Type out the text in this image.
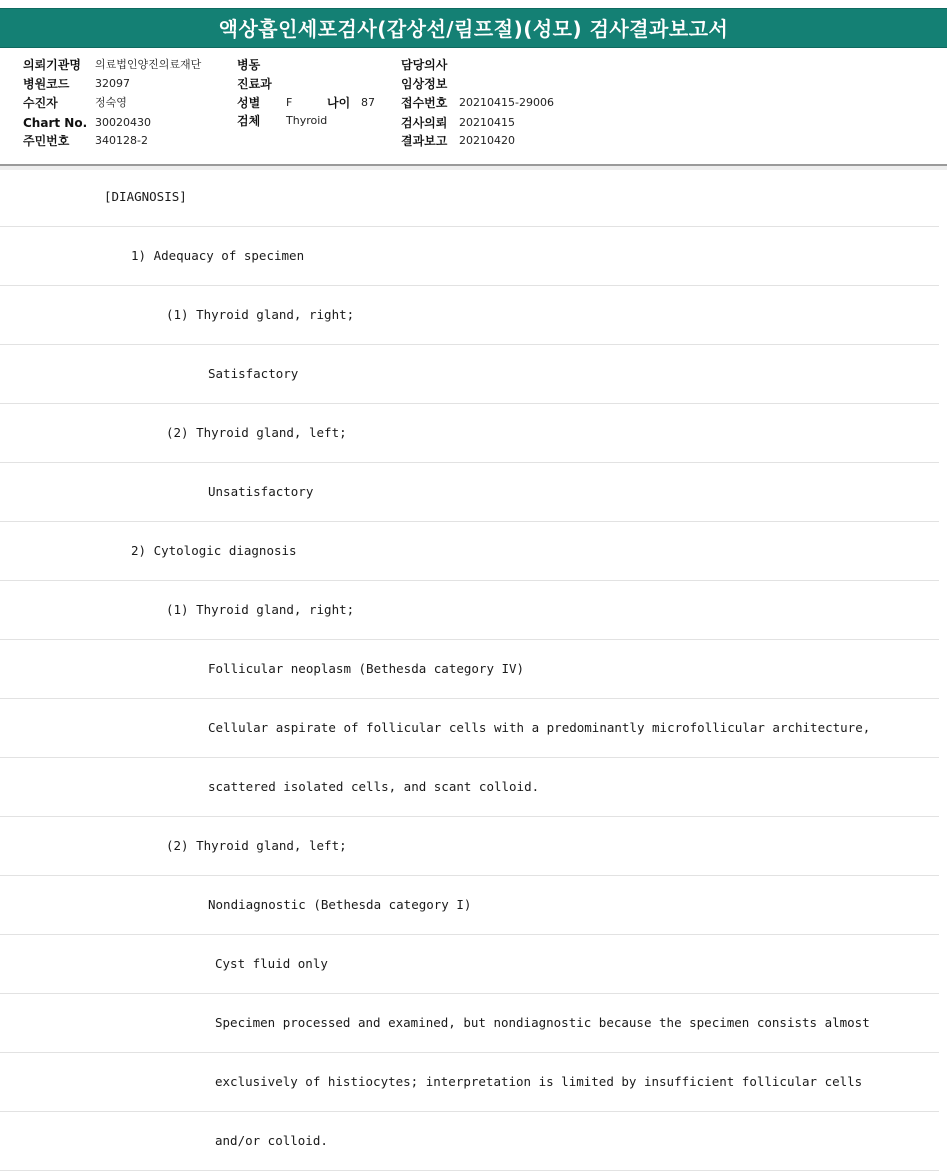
액상흡인세포검사(갑상선/림프절)(성모) 검사결과보고서
의뢰기관명 의료법인양진의료재단
병원코드 32097
수진자	정숙영
Chart No. 30020430
주민번호 340128-2
병동
진료과
성별 F	나이 87
검체 Thyroid
담당의사
임상정보
접수번호 20210415-29006
검사의뢰 20210415
결과보고 20210420
[DIAGNOSIS]
1) Adequacy of specimen
(1) Thyroid gland, right;
Satisfactory
(2) Thyroid gland, left;
Unsatisfactory
2) Cytologic diagnosis
(1) Thyroid gland, right;
Follicular neoplasm (Bethesda category IV)
Cellular aspirate of follicular cells with a predominantly microfollicular architecture,
scattered isolated cells, and scant colloid.
(2) Thyroid gland, left;
Nondiagnostic (Bethesda category I)
Cyst fluid only
Specimen processed and examined, but nondiagnostic because the specimen consists almost
exclusively of histiocytes; interpretation is limited by insufficient follicular cells
and/or colloid.
